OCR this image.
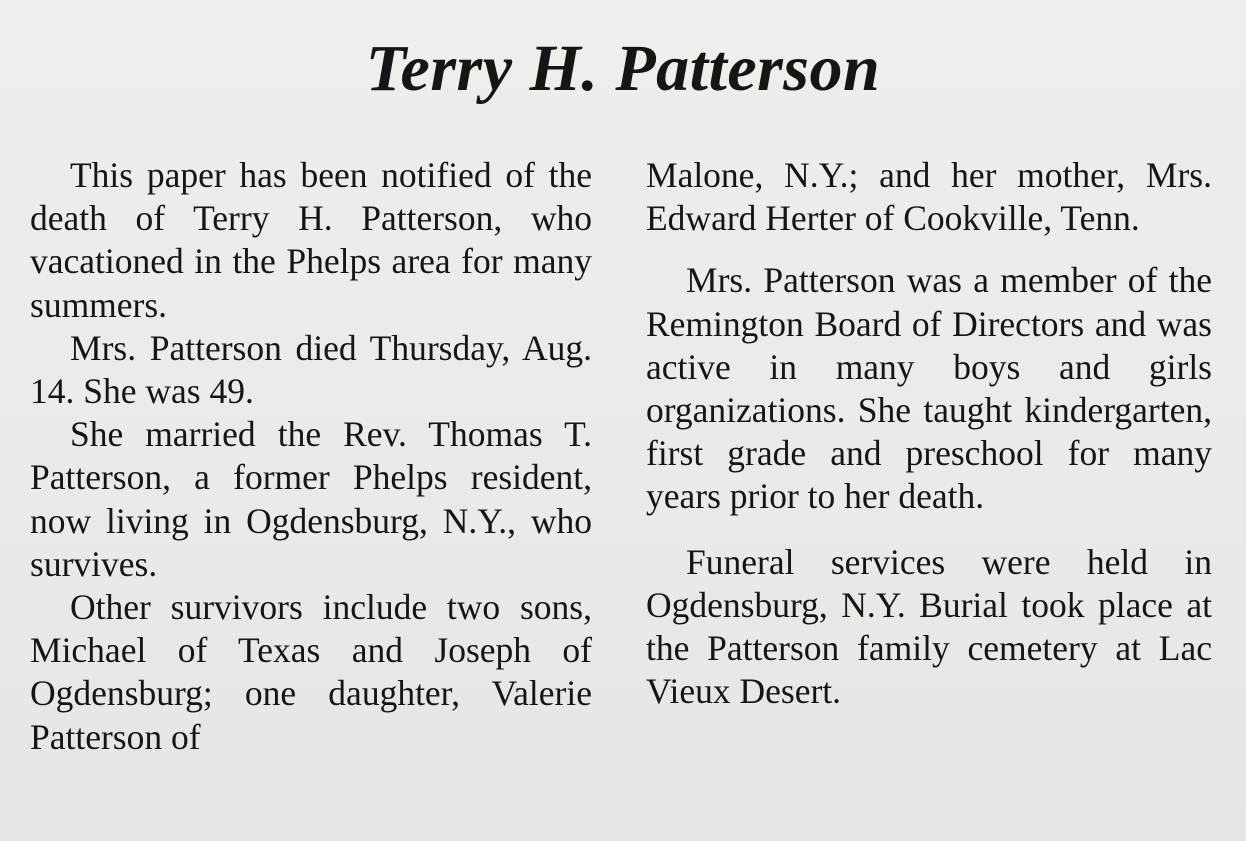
Terry H. Patterson

This paper has been notified of the death of Terry H. Patterson, who vacationed in the Phelps area for many summers.

Mrs. Patterson died Thursday, Aug. 14. She was 49.

She married the Rev. Thomas T. Patterson, a former Phelps resident, now living in Ogdensburg, N.Y., who survives.

Other survivors include two sons, Michael of Texas and Joseph of Ogdensburg; one daughter, Valerie Patterson of

Malone, N.Y.; and her mother, Mrs. Edward Herter of Cookville, Tenn.

Mrs. Patterson was a member of the Remington Board of Directors and was active in many boys and girls organizations. She taught kindergarten, first grade and preschool for many years prior to her death.

Funeral services were held in Ogdensburg, N.Y. Burial took place at the Patterson family cemetery at Lac Vieux Desert.
